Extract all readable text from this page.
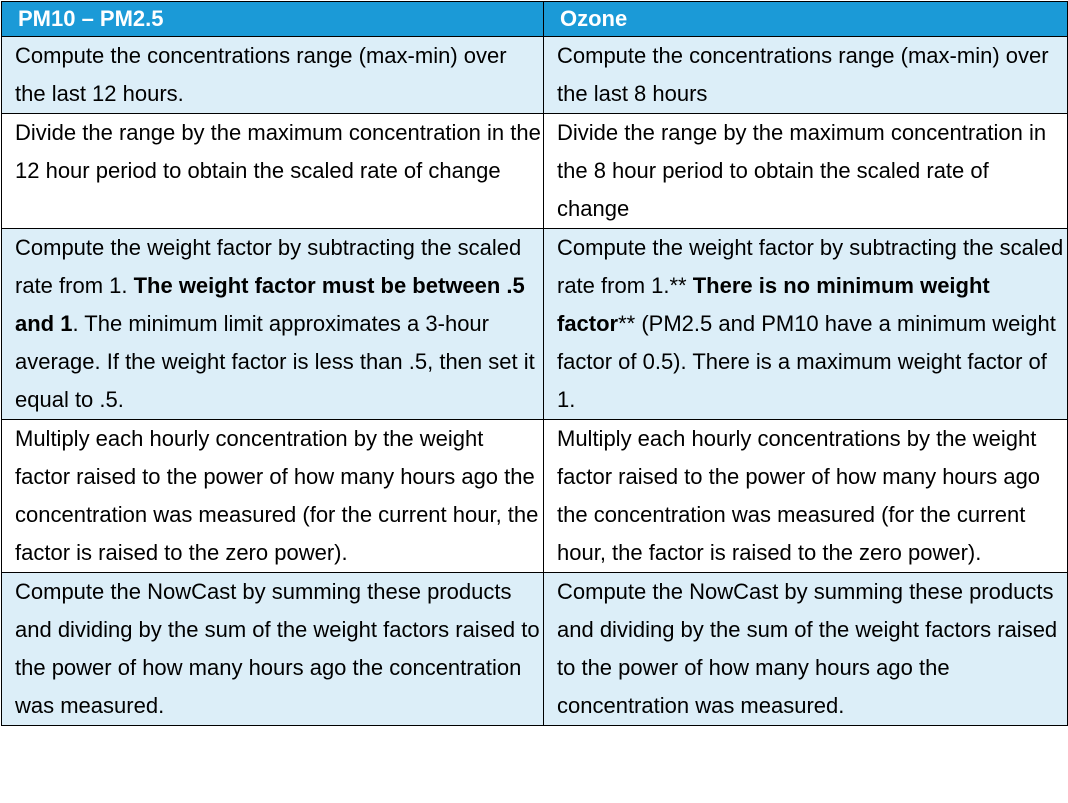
PM10 – PM2.5	Ozone
Compute the concentrations range (max-min) over the last 12 hours.	Compute the concentrations range (max-min) over the last 8 hours
Divide the range by the maximum concentration in the 12 hour period to obtain the scaled rate of change	Divide the range by the maximum concentration in the 8 hour period to obtain the scaled rate of change
Compute the weight factor by subtracting the scaled rate from 1. The weight factor must be between .5 and 1. The minimum limit approximates a 3-hour average. If the weight factor is less than .5, then set it equal to .5.	Compute the weight factor by subtracting the scaled rate from 1.** There is no minimum weight factor** (PM2.5 and PM10 have a minimum weight factor of 0.5). There is a maximum weight factor of 1.
Multiply each hourly concentration by the weight factor raised to the power of how many hours ago the concentration was measured (for the current hour, the factor is raised to the zero power).	Multiply each hourly concentrations by the weight factor raised to the power of how many hours ago the concentration was measured (for the current hour, the factor is raised to the zero power).
Compute the NowCast by summing these products and dividing by the sum of the weight factors raised to the power of how many hours ago the concentration was measured.	Compute the NowCast by summing these products and dividing by the sum of the weight factors raised to the power of how many hours ago the concentration was measured.
